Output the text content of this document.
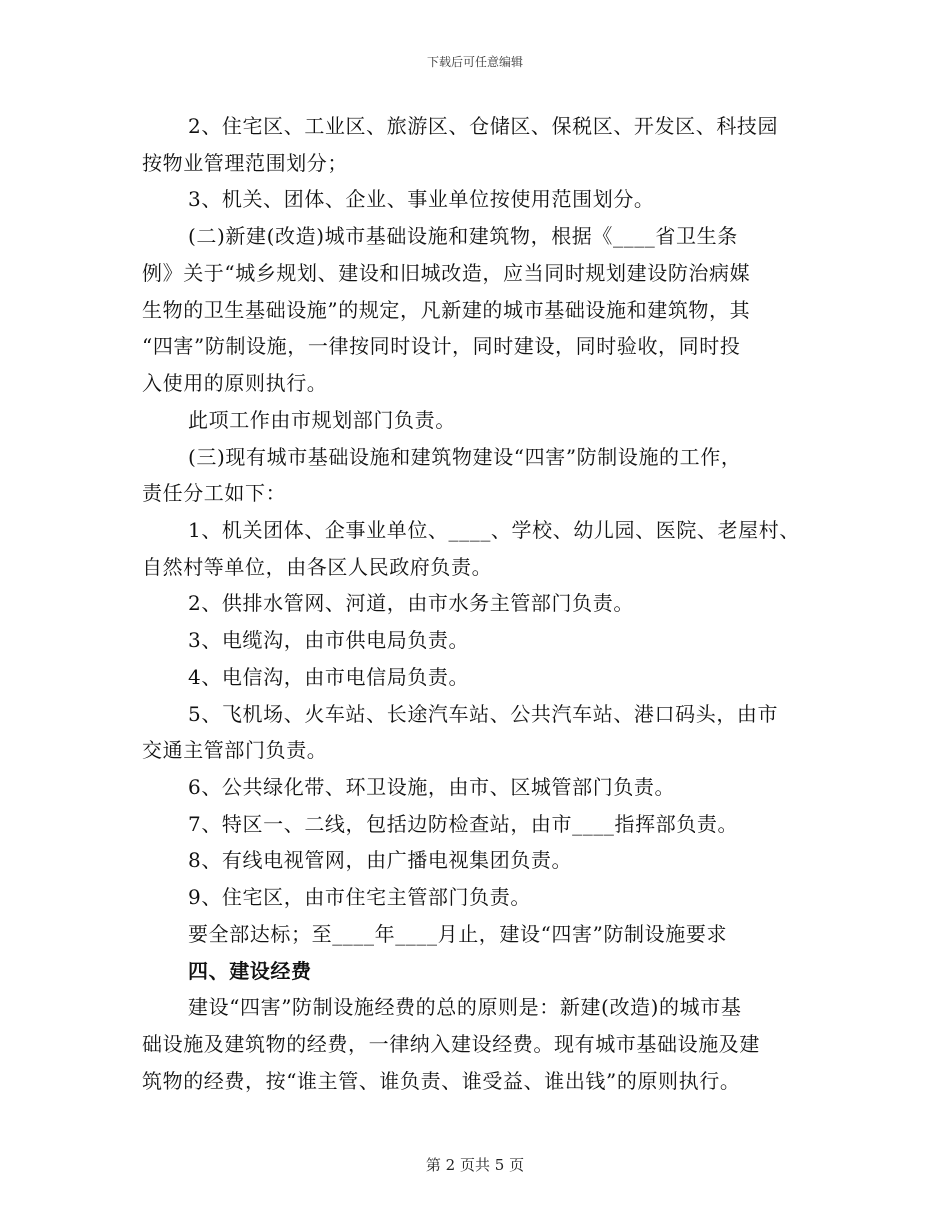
下载后可任意编辑
2、住宅区、工业区、旅游区、仓储区、保税区、开发区、科技园
按物业管理范围划分；
3、机关、团体、企业、事业单位按使用范围划分。
(二)新建(改造)城市基础设施和建筑物，根据《____省卫生条
例》关于“城乡规划、建设和旧城改造，应当同时规划建设防治病媒
生物的卫生基础设施”的规定，凡新建的城市基础设施和建筑物，其
“四害”防制设施，一律按同时设计，同时建设，同时验收，同时投
入使用的原则执行。
此项工作由市规划部门负责。
(三)现有城市基础设施和建筑物建设“四害”防制设施的工作，
责任分工如下：
1、机关团体、企事业单位、____、学校、幼儿园、医院、老屋村、
自然村等单位，由各区人民政府负责。
2、供排水管网、河道，由市水务主管部门负责。
3、电缆沟，由市供电局负责。
4、电信沟，由市电信局负责。
5、飞机场、火车站、长途汽车站、公共汽车站、港口码头，由市
交通主管部门负责。
6、公共绿化带、环卫设施，由市、区城管部门负责。
7、特区一、二线，包括边防检查站，由市____指挥部负责。
8、有线电视管网，由广播电视集团负责。
9、住宅区，由市住宅主管部门负责。
要全部达标；至____年____月止，建设“四害”防制设施要求
四、建设经费
建设“四害”防制设施经费的总的原则是：新建(改造)的城市基
础设施及建筑物的经费，一律纳入建设经费。现有城市基础设施及建
筑物的经费，按“谁主管、谁负责、谁受益、谁出钱”的原则执行。
第 2 页共 5 页
